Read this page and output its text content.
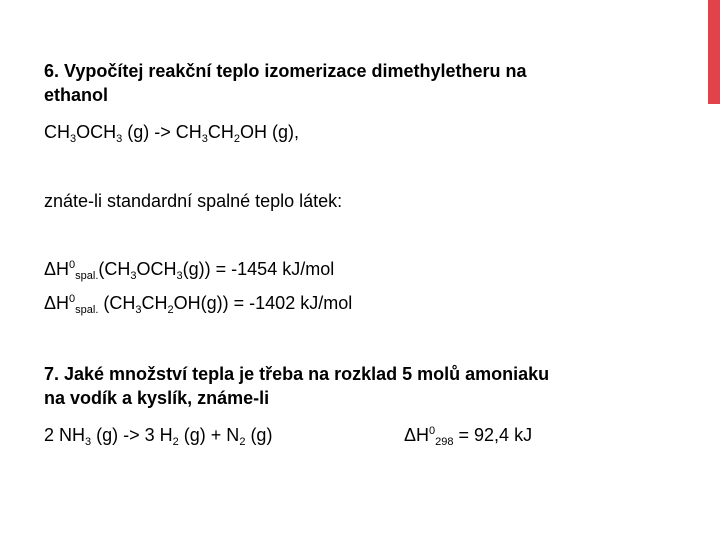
6. Vypočítej reakční teplo izomerizace dimethyletheru na
ethanol
$CH_3OCH_3$ $(g) -> CH_3CH_2OH$ (g),
znáte-li standardní spalné teplo látek:
$\Delta H^0_{spal.}(CH_3OCH_3(g)) = -1454$ kJ/mol
$\Delta H^0_{spal.}$ $(CH_3CH_2OH(g)) = -1402$ kJ/mol
7. Jaké množství tepla je třeba na rozklad 5 molů amoniaku
na vodík a kyslík, známe-li
2 $NH_3$ (g) -> 3 $H_2$ $(g) + N_2$ (g)	$\Delta H^0_{298} = 92,4$ kJ
